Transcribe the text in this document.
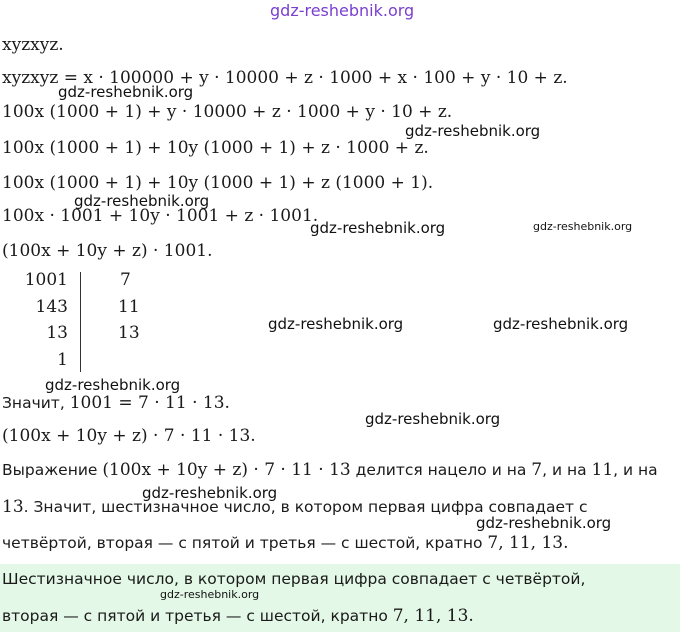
gdz-reshebnik.org
gdz-reshebnik.org
gdz-reshebnik.org
gdz-reshebnik.org
gdz-reshebnik.org	gdz-reshebnik.org
gdz-reshebnik.org	gdz-reshebnik.org
gdz-reshebnik.org
gdz-reshebnik.org
gdz-reshebnik.org
gdz-reshebnik.org
gdz-reshebnik.org
xyzxyz.
xyzxyz = x · 100000 + y · 10000 + z · 1000 + x · 100 + y · 10 + z.
100x (1000 + 1) + y · 10000 + z · 1000 + y · 10 + z.
100x (1000 + 1) + 10y (1000 + 1) + z · 1000 + z.
100x (1000 + 1) + 10y (1000 + 1) + z (1000 + 1).
100x · 1001 + 10y · 1001 + z · 1001.
(100x + 10y + z) · 1001.
1001
143
13
1
7
11
13
Значит, 1001 = 7 · 11 · 13.
(100x + 10y + z) · 7 · 11 · 13.
Выражение (100x + 10y + z) · 7 · 11 · 13 делится нацело и на 7, и на 11, и на
13. Значит, шестизначное число, в котором первая цифра совпадает с
четвёртой, вторая — с пятой и третья — с шестой, кратно 7, 11, 13.
Шестизначное число, в котором первая цифра совпадает с четвёртой,
вторая — с пятой и третья — с шестой, кратно 7, 11, 13.
